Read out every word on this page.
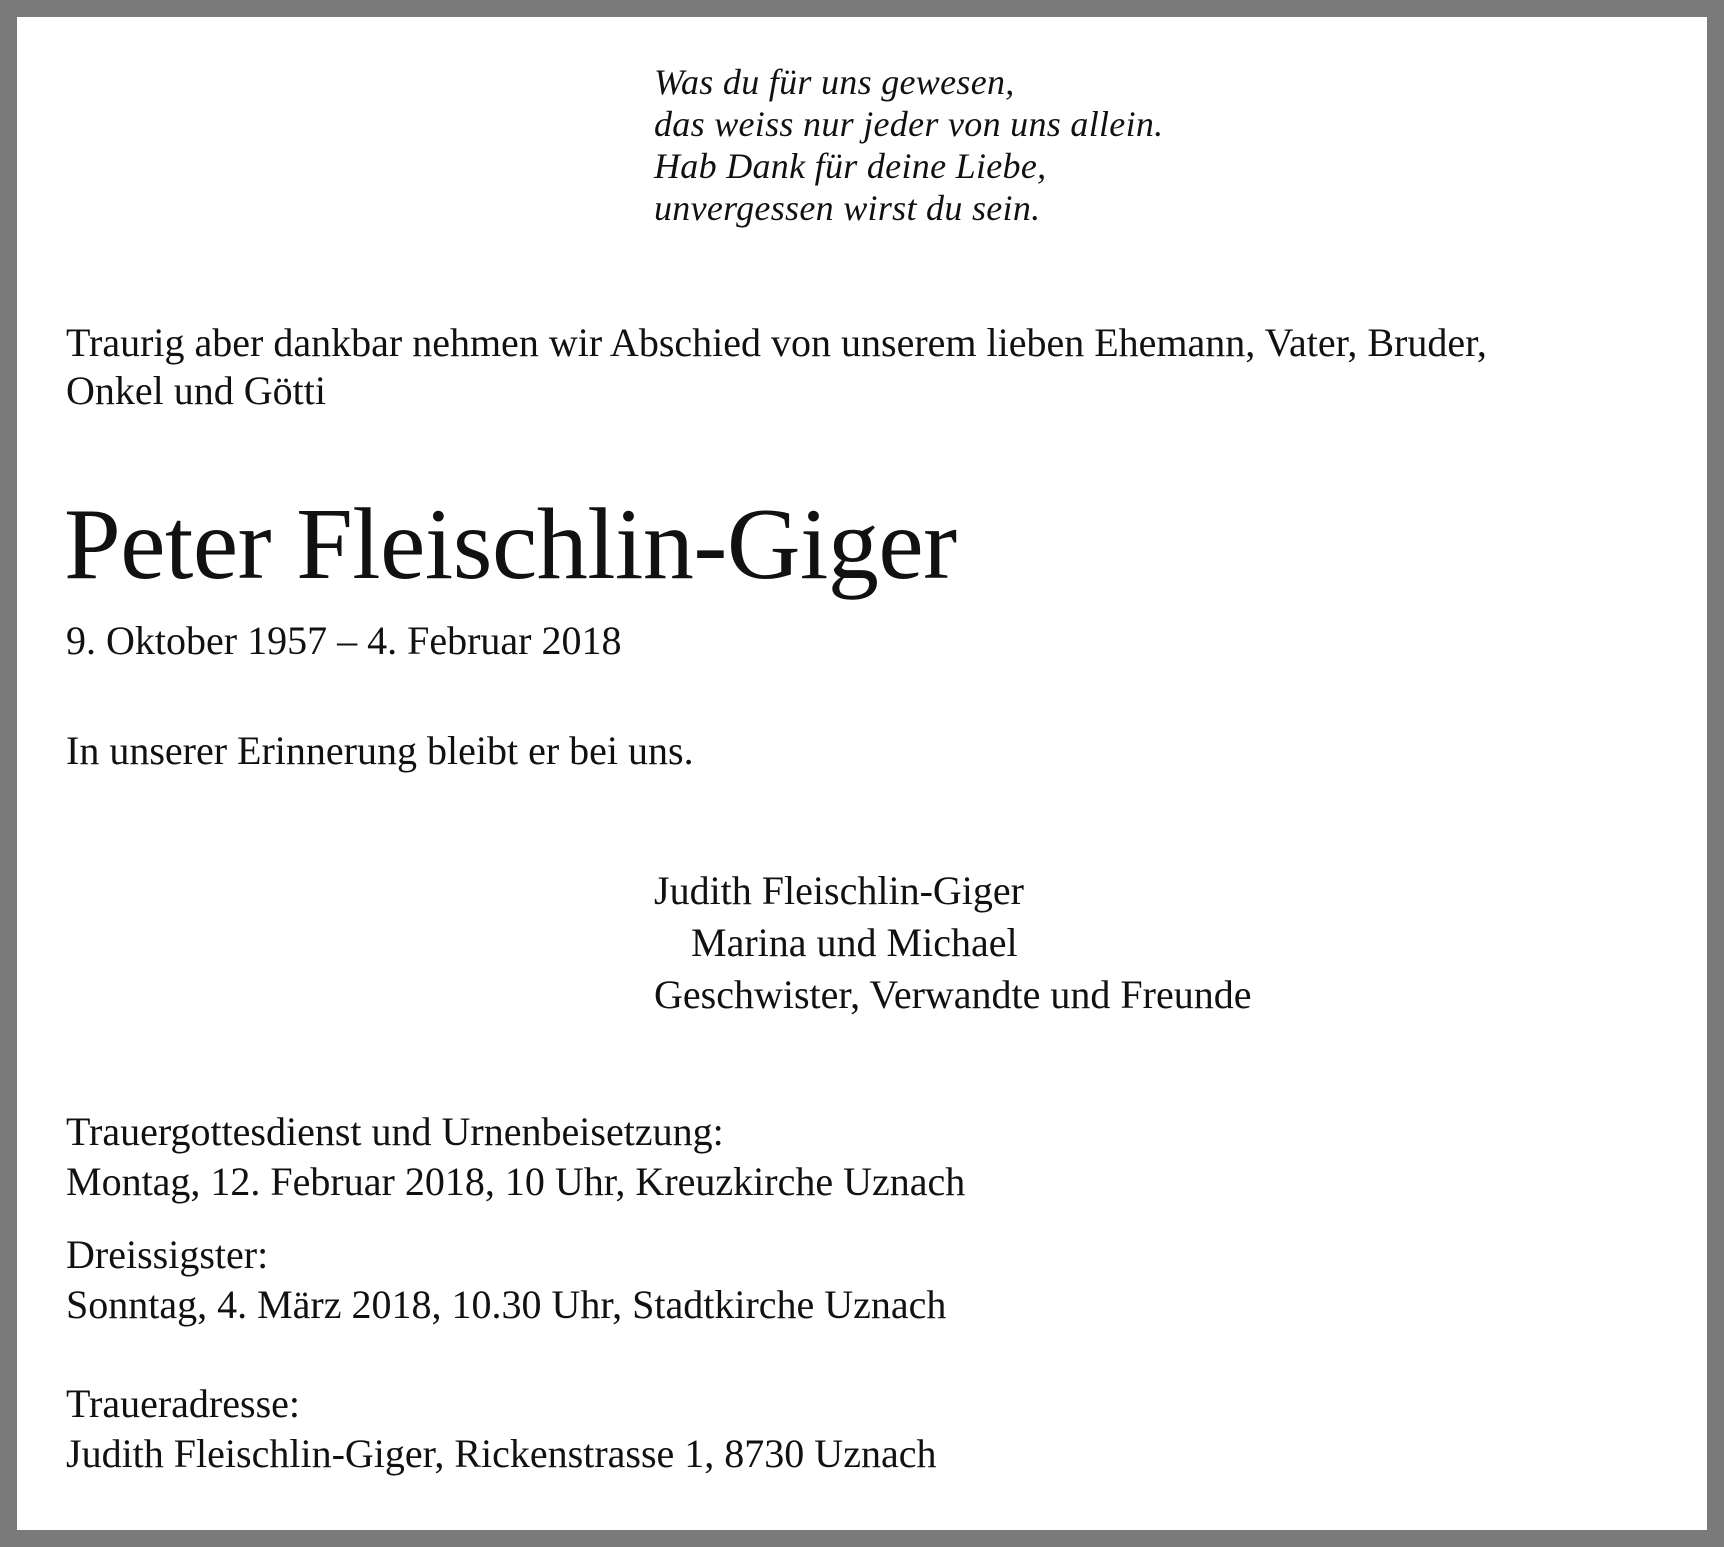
Was du für uns gewesen,
das weiss nur jeder von uns allein.
Hab Dank für deine Liebe,
unvergessen wirst du sein.
Traurig aber dankbar nehmen wir Abschied von unserem lieben Ehemann, Vater, Bruder,
Onkel und Götti
Peter Fleischlin-Giger
9. Oktober 1957 – 4. Februar 2018
In unserer Erinnerung bleibt er bei uns.
Judith Fleischlin-Giger
Marina und Michael
Geschwister, Verwandte und Freunde
Trauergottesdienst und Urnenbeisetzung:
Montag, 12. Februar 2018, 10 Uhr, Kreuzkirche Uznach
Dreissigster:
Sonntag, 4. März 2018, 10.30 Uhr, Stadtkirche Uznach
Traueradresse:
Judith Fleischlin-Giger, Rickenstrasse 1, 8730 Uznach
